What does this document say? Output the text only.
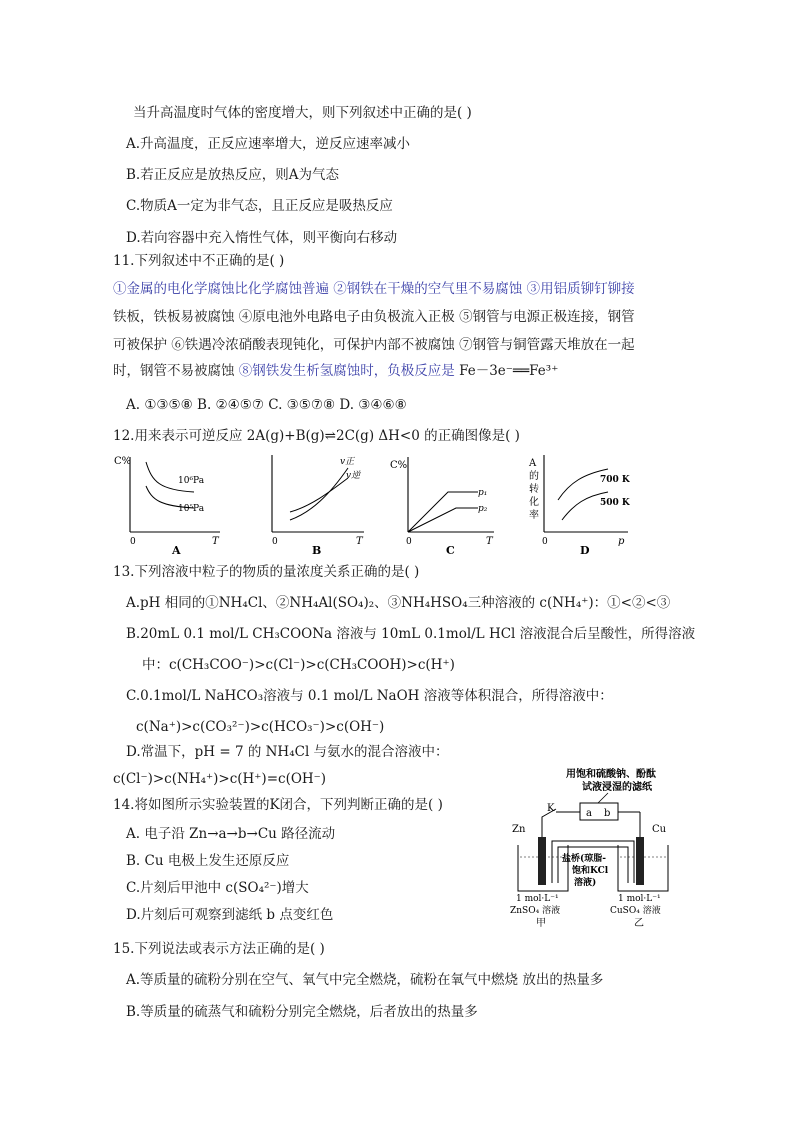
当升高温度时气体的密度增大，则下列叙述中正确的是( )
A.升高温度，正反应速率增大，逆反应速率减小
B.若正反应是放热反应，则A为气态
C.物质A一定为非气态，且正反应是吸热反应
D.若向容器中充入惰性气体，则平衡向右移动
11.下列叙述中不正确的是( )
①金属的电化学腐蚀比化学腐蚀普遍 ②钢铁在干燥的空气里不易腐蚀 ③用铝质铆钉铆接
铁板，铁板易被腐蚀 ④原电池外电路电子由负极流入正极 ⑤钢管与电源正极连接，钢管
可被保护 ⑥铁遇冷浓硝酸表现钝化，可保护内部不被腐蚀 ⑦钢管与铜管露天堆放在一起
时，钢管不易被腐蚀 ⑧钢铁发生析氢腐蚀时，负极反应是 Fe－3e⁻══Fe³⁺
A. ①③⑤⑧ B. ②④⑤⑦ C. ③⑤⑦⑧ D. ③④⑥⑧
12.用来表示可逆反应 2A(g)+B(g)⇌2C(g) ΔH<0 的正确图像是( )
C%
10⁶Pa
10⁵Pa
0	T
A
v正
v逆
0	T
B
C%
p₁
p₂
0	T
C
A 的 转 化 率
700 K
500 K
0	p
D
13.下列溶液中粒子的物质的量浓度关系正确的是( )
A.pH 相同的①NH₄Cl、②NH₄Al(SO₄)₂、③NH₄HSO₄三种溶液的 c(NH₄⁺)：①<②<③
B.20mL 0.1 mol/L CH₃COONa 溶液与 10mL 0.1mol/L HCl 溶液混合后呈酸性，所得溶液
中：c(CH₃COO⁻)>c(Cl⁻)>c(CH₃COOH)>c(H⁺)
C.0.1mol/L NaHCO₃溶液与 0.1 mol/L NaOH 溶液等体积混合，所得溶液中：
c(Na⁺)>c(CO₃²⁻)>c(HCO₃⁻)>c(OH⁻)
D.常温下，pH = 7 的 NH₄Cl 与氨水的混合溶液中：
c(Cl⁻)>c(NH₄⁺)>c(H⁺)=c(OH⁻)
14.将如图所示实验装置的K闭合，下列判断正确的是( )
A. 电子沿 Zn→a→b→Cu 路径流动
B. Cu 电极上发生还原反应
C.片刻后甲池中 c(SO₄²⁻)增大
D.片刻后可观察到滤纸 b 点变红色
用饱和硫酸钠、酚酞
试液浸湿的滤纸
a b
K
Zn	Cu
盐桥(琼脂-
饱和KCl
溶液)
1 mol·L⁻¹
ZnSO₄ 溶液
甲
1 mol·L⁻¹
CuSO₄ 溶液
乙
15.下列说法或表示方法正确的是( )
A.等质量的硫粉分别在空气、氧气中完全燃烧，硫粉在氧气中燃烧 放出的热量多
B.等质量的硫蒸气和硫粉分别完全燃烧，后者放出的热量多
